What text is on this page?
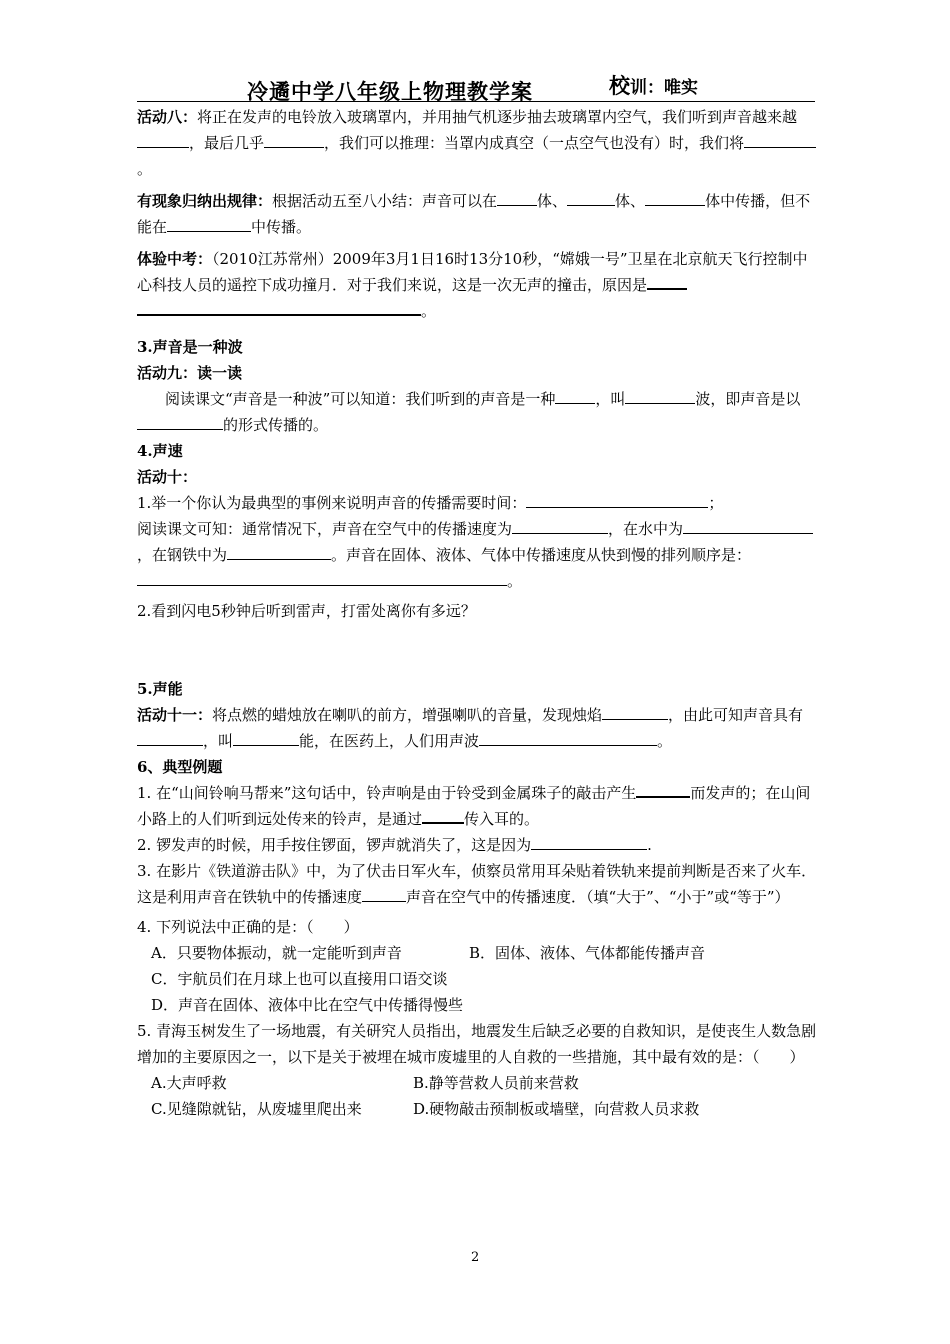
冷遹中学八年级上物理教学案	校训：唯实

活动八：将正在发声的电铃放入玻璃罩内，并用抽气机逐步抽去玻璃罩内空气，我们听到声音越来越，最后几乎	，我们可以推理：当罩内成真空（一点空气也没有）时，我们将。

有现象归纳出规律：根据活动五至八小结：声音可以在	体、	体、	体中传播，但不能在	中传播。

体验中考：（2010江苏常州）2009年3月1日16时13分10秒，“嫦娥一号”卫星在北京航天飞行控制中心科技人员的遥控下成功撞月．对于我们来说，这是一次无声的撞击，原因是
。

3.声音是一种波

活动九：读一读

阅读课文“声音是一种波”可以知道：我们听到的声音是一种	，叫	波，即声音是以的形式传播的。

4.声速

活动十：

1.举一个你认为最典型的事例来说明声音的传播需要时间：	；

阅读课文可知：通常情况下，声音在空气中的传播速度为	，在水中为，在钢铁中为	。声音在固体、液体、气体中传播速度从快到慢的排列顺序是：
。

2.看到闪电5秒钟后听到雷声，打雷处离你有多远？

5.声能

活动十一：将点燃的蜡烛放在喇叭的前方，增强喇叭的音量，发现烛焰	，由此可知声音具有，叫	能，在医药上，人们用声波	。

6、典型例题

1. 在“山间铃响马帮来”这句话中，铃声响是由于铃受到金属珠子的敲击产生	而发声的；在山间小路上的人们听到远处传来的铃声，是通过	传入耳的。

2. 锣发声的时候，用手按住锣面，锣声就消失了，这是因为	.

3. 在影片《铁道游击队》中，为了伏击日军火车，侦察员常用耳朵贴着铁轨来提前判断是否来了火车．这是利用声音在铁轨中的传播速度	声音在空气中的传播速度．（填“大于”、“小于”或“等于”）

4. 下列说法中正确的是：（　　）

A．只要物体振动，就一定能听到声音	B．固体、液体、气体都能传播声音

C．宇航员们在月球上也可以直接用口语交谈

D．声音在固体、液体中比在空气中传播得慢些

5. 青海玉树发生了一场地震，有关研究人员指出，地震发生后缺乏必要的自救知识，是使丧生人数急剧增加的主要原因之一，以下是关于被埋在城市废墟里的人自救的一些措施，其中最有效的是：（　　）

A.大声呼救	B.静等营救人员前来营救
C.见缝隙就钻，从废墟里爬出来	D.硬物敲击预制板或墙壁，向营救人员求救
2
